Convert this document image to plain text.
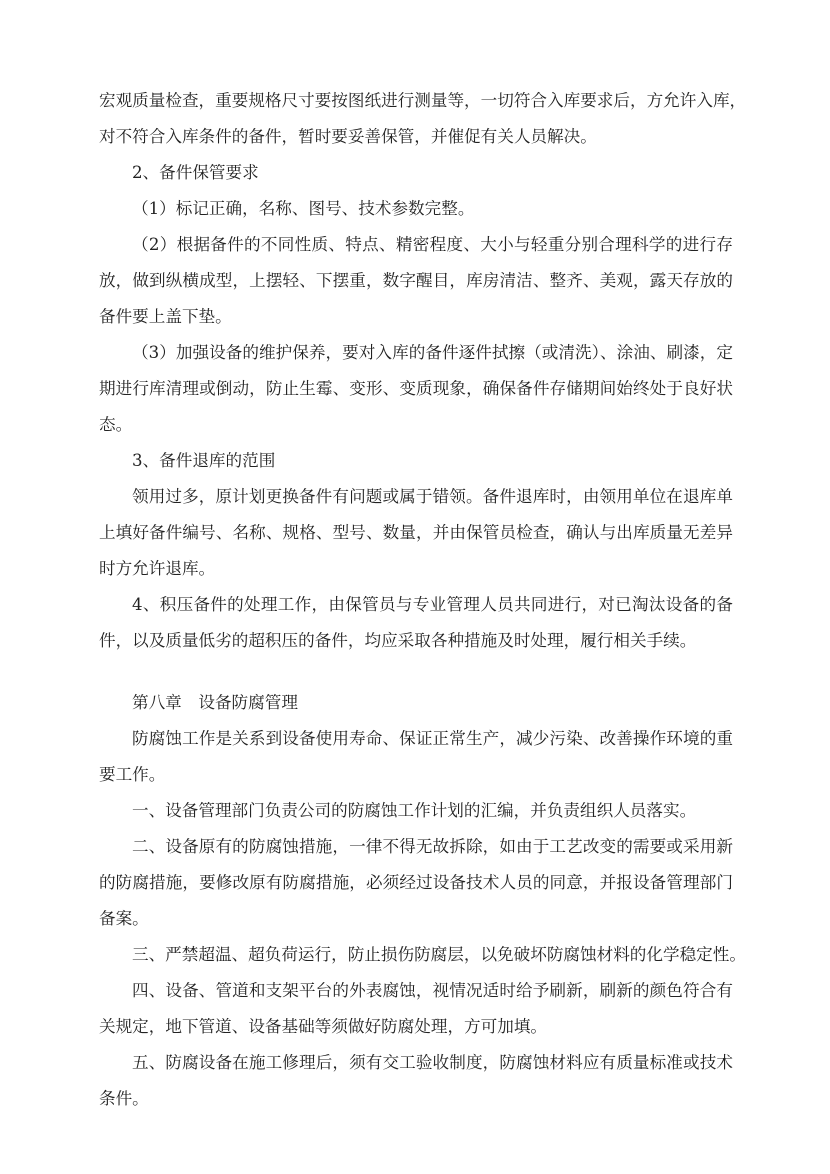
宏观质量检查，重要规格尺寸要按图纸进行测量等，一切符合入库要求后，方允许入库，
对不符合入库条件的备件，暂时要妥善保管，并催促有关人员解决。
2、备件保管要求
（1）标记正确，名称、图号、技术参数完整。
（2）根据备件的不同性质、特点、精密程度、大小与轻重分别合理科学的进行存
放，做到纵横成型，上摆轻、下摆重，数字醒目，库房清洁、整齐、美观，露天存放的
备件要上盖下垫。
（3）加强设备的维护保养，要对入库的备件逐件拭擦（或清洗）、涂油、刷漆，定
期进行库清理或倒动，防止生霉、变形、变质现象，确保备件存储期间始终处于良好状
态。
3、备件退库的范围
领用过多，原计划更换备件有问题或属于错领。备件退库时，由领用单位在退库单
上填好备件编号、名称、规格、型号、数量，并由保管员检查，确认与出库质量无差异
时方允许退库。
4、积压备件的处理工作，由保管员与专业管理人员共同进行，对已淘汰设备的备
件，以及质量低劣的超积压的备件，均应采取各种措施及时处理，履行相关手续。
第八章　设备防腐管理
防腐蚀工作是关系到设备使用寿命、保证正常生产，减少污染、改善操作环境的重
要工作。
一、设备管理部门负责公司的防腐蚀工作计划的汇编，并负责组织人员落实。
二、设备原有的防腐蚀措施，一律不得无故拆除，如由于工艺改变的需要或采用新
的防腐措施，要修改原有防腐措施，必须经过设备技术人员的同意，并报设备管理部门
备案。
三、严禁超温、超负荷运行，防止损伤防腐层，以免破坏防腐蚀材料的化学稳定性。
四、设备、管道和支架平台的外表腐蚀，视情况适时给予刷新，刷新的颜色符合有
关规定，地下管道、设备基础等须做好防腐处理，方可加填。
五、防腐设备在施工修理后，须有交工验收制度，防腐蚀材料应有质量标准或技术
条件。
